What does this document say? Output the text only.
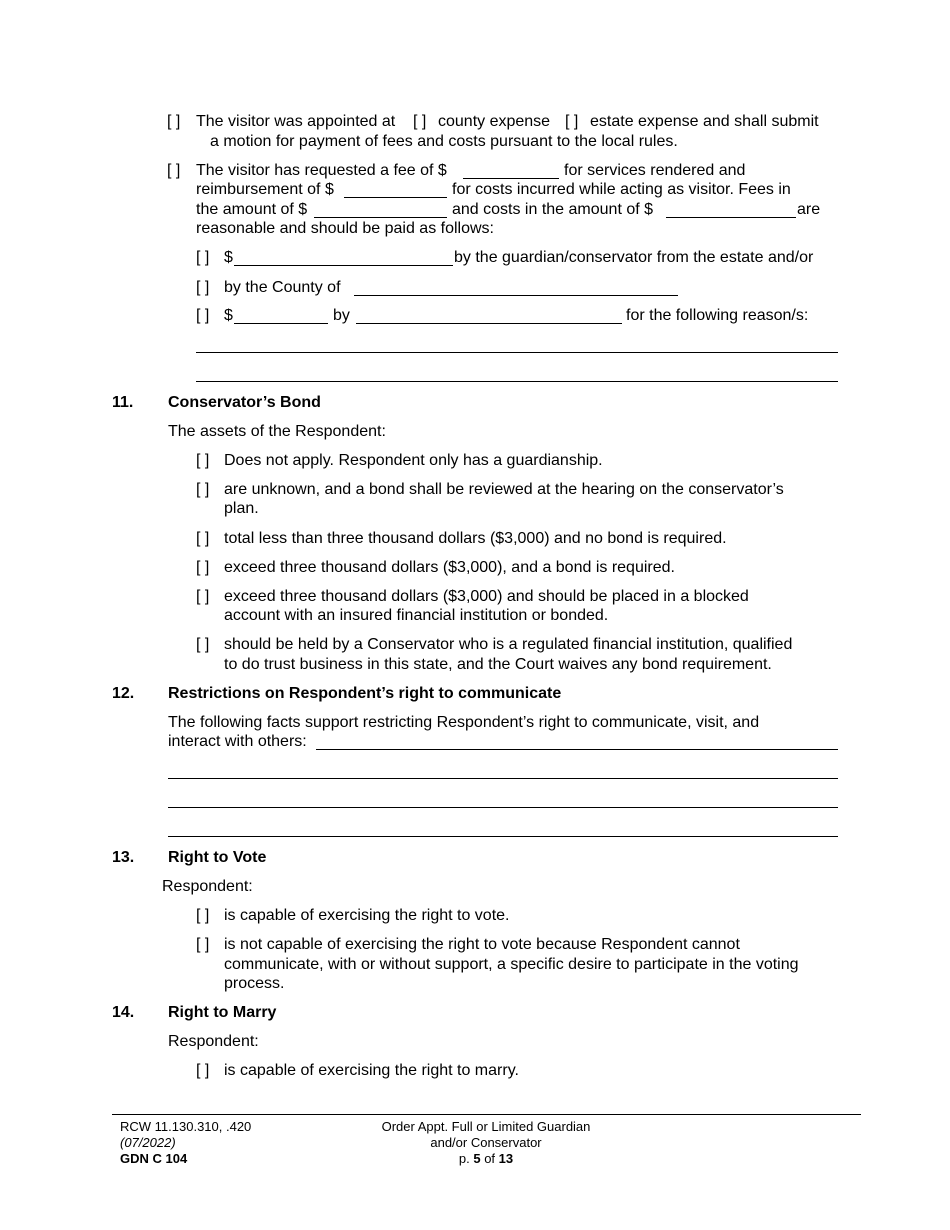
[ ] The visitor was appointed at [ ] county expense [ ] estate expense and shall submit
a motion for payment of fees and costs pursuant to the local rules.
[ ] The visitor has requested a fee of $	for services rendered and
reimbursement of $	for costs incurred while acting as visitor. Fees in
the amount of $	and costs in the amount of $	are
reasonable and should be paid as follows:
[ ] $	by the guardian/conservator from the estate and/or
[ ] by the County of
[ ] $	by	for the following reason/s:
11. Conservator’s Bond
The assets of the Respondent:
[ ] Does not apply. Respondent only has a guardianship.
[ ] are unknown, and a bond shall be reviewed at the hearing on the conservator’s
plan.
[ ] total less than three thousand dollars ($3,000) and no bond is required.
[ ] exceed three thousand dollars ($3,000), and a bond is required.
[ ] exceed three thousand dollars ($3,000) and should be placed in a blocked
account with an insured financial institution or bonded.
[ ] should be held by a Conservator who is a regulated financial institution, qualified
to do trust business in this state, and the Court waives any bond requirement.
12. Restrictions on Respondent’s right to communicate
The following facts support restricting Respondent’s right to communicate, visit, and
interact with others:
13. Right to Vote
Respondent:
[ ] is capable of exercising the right to vote.
[ ] is not capable of exercising the right to vote because Respondent cannot
communicate, with or without support, a specific desire to participate in the voting
process.
14. Right to Marry
Respondent:
[ ] is capable of exercising the right to marry.
RCW 11.130.310, .420
(07/2022)
GDN C 104
Order Appt. Full or Limited Guardian
and/or Conservator
p. 5 of 13
